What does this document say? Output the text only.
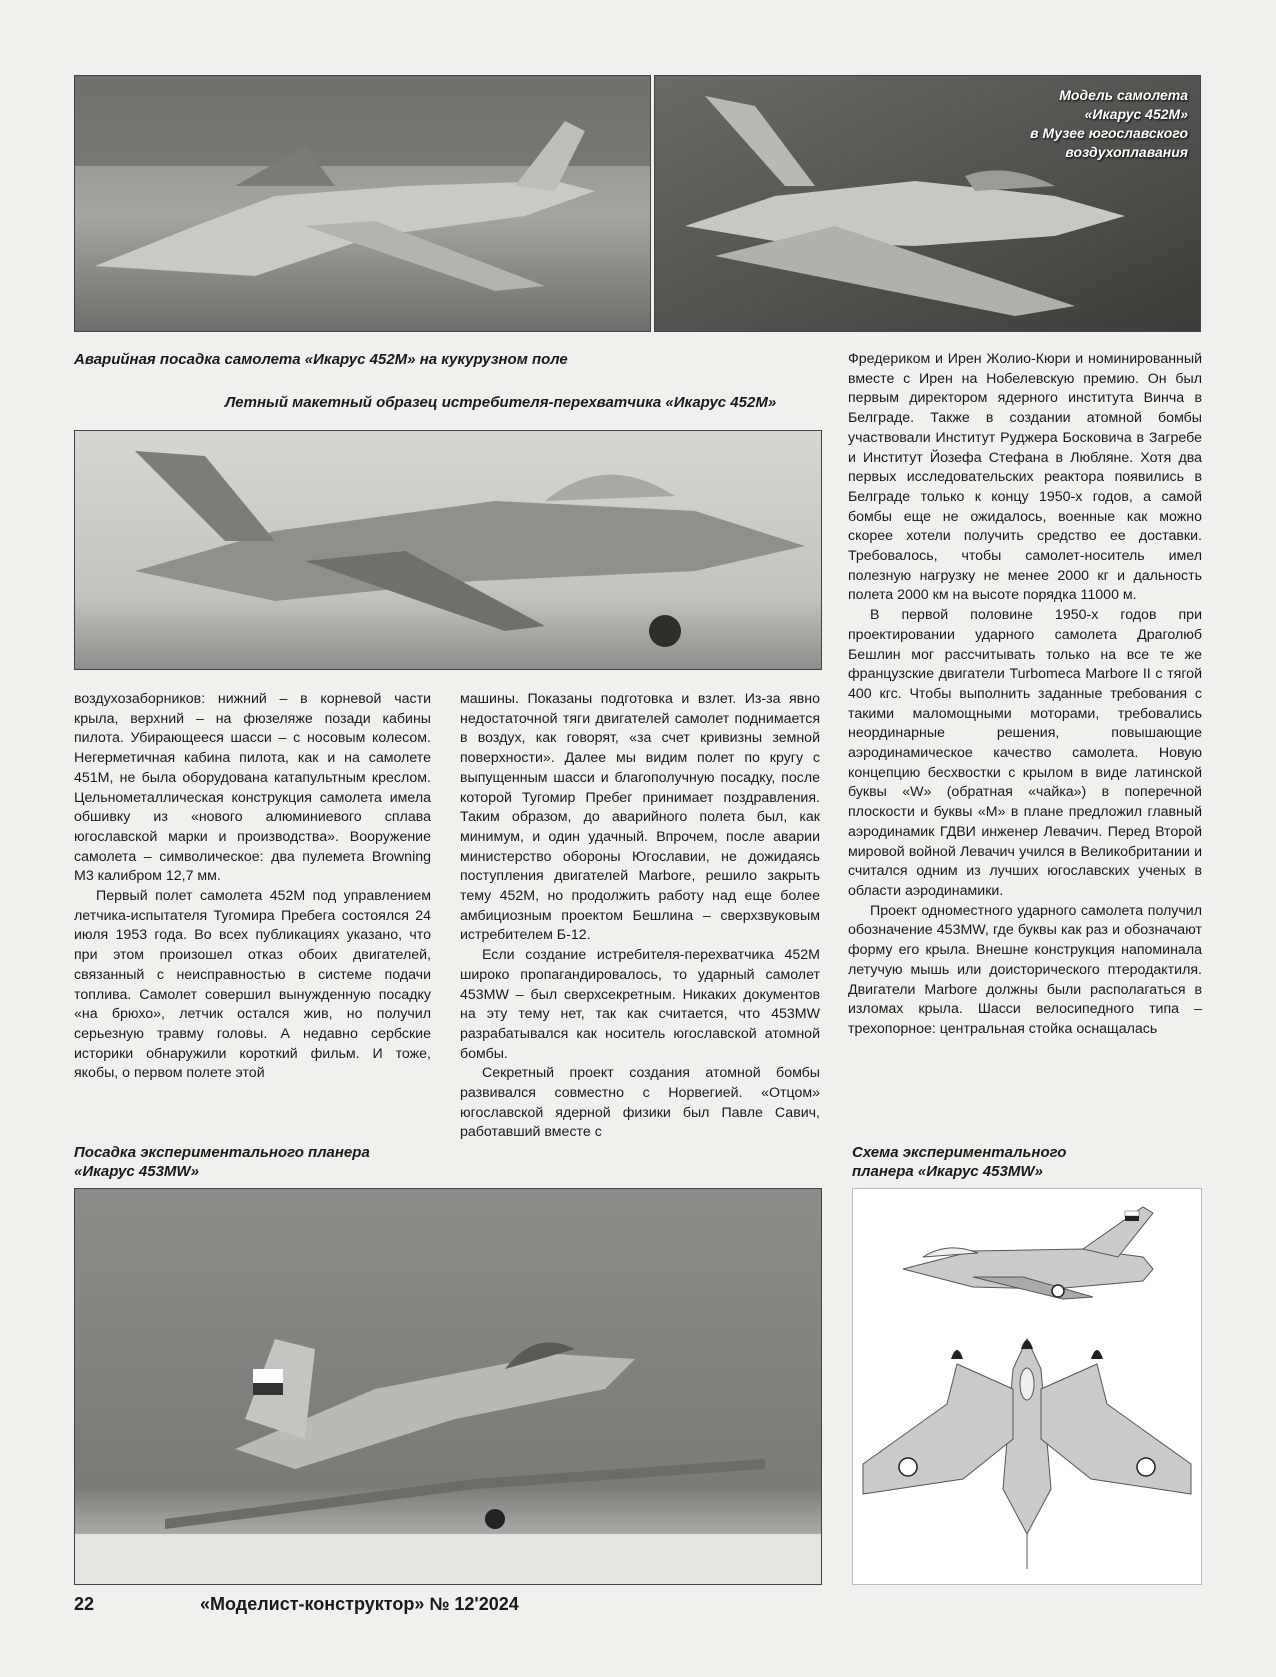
Модель самолета
«Икарус 452М»
в Музее югославского
воздухоплавания
Аварийная посадка самолета «Икарус 452М» на кукурузном поле
Летный макетный образец истребителя-перехватчика «Икарус 452М»

воздухозаборников: нижний – в корневой части крыла, верхний – на фюзеляже позади кабины пилота. Убирающееся шасси – с носовым колесом. Негерметичная кабина пилота, как и на самолете 451М, не была оборудована катапультным креслом. Цельнометаллическая конструкция самолета имела обшивку из «нового алюминиевого сплава югославской марки и производства». Вооружение самолета – символическое: два пулемета Browning M3 калибром 12,7 мм.

Первый полет самолета 452М под управлением летчика-испытателя Тугомира Пребега состоялся 24 июля 1953 года. Во всех публикациях указано, что при этом произошел отказ обоих двигателей, связанный с неисправностью в системе подачи топлива. Самолет совершил вынужденную посадку «на брюхо», летчик остался жив, но получил серьезную травму головы. А недавно сербские историки обнаружили короткий фильм. И тоже, якобы, о первом полете этой

машины. Показаны подготовка и взлет. Из-за явно недостаточной тяги двигателей самолет поднимается в воздух, как говорят, «за счет кривизны земной поверхности». Далее мы видим полет по кругу с выпущенным шасси и благополучную посадку, после которой Тугомир Пребег принимает поздравления. Таким образом, до аварийного полета был, как минимум, и один удачный. Впрочем, после аварии министерство обороны Югославии, не дожидаясь поступления двигателей Marbore, решило закрыть тему 452М, но продолжить работу над еще более амбициозным проектом Бешлина – сверхзвуковым истребителем Б-12.

Если создание истребителя-перехватчика 452М широко пропагандировалось, то ударный самолет 453MW – был сверхсекретным. Никаких документов на эту тему нет, так как считается, что 453MW разрабатывался как носитель югославской атомной бомбы.

Секретный проект создания атомной бомбы развивался совместно с Норвегией. «Отцом» югославской ядерной физики был Павле Савич, работавший вместе с

Фредериком и Ирен Жолио-Кюри и номинированный вместе с Ирен на Нобелевскую премию. Он был первым директором ядерного института Винча в Белграде. Также в создании атомной бомбы участвовали Институт Руджера Босковича в Загребе и Институт Йозефа Стефана в Любляне. Хотя два первых исследовательских реактора появились в Белграде только к концу 1950-х годов, а самой бомбы еще не ожидалось, военные как можно скорее хотели получить средство ее доставки. Требовалось, чтобы самолет-носитель имел полезную нагрузку не менее 2000 кг и дальность полета 2000 км на высоте порядка 11000 м.

В первой половине 1950-х годов при проектировании ударного самолета Драголюб Бешлин мог рассчитывать только на все те же французские двигатели Turbomeca Marbore II с тягой 400 кгс. Чтобы выполнить заданные требования с такими маломощными моторами, требовались неординарные решения, повышающие аэродинамическое качество самолета. Новую концепцию бесхвостки с крылом в виде латинской буквы «W» (обратная «чайка») в поперечной плоскости и буквы «М» в плане предложил главный аэродинамик ГДВИ инженер Левачич. Перед Второй мировой войной Левачич учился в Великобритании и считался одним из лучших югославских ученых в области аэродинамики.

Проект одноместного ударного самолета получил обозначение 453MW, где буквы как раз и обозначают форму его крыла. Внешне конструкция напоминала летучую мышь или доисторического птеродактиля. Двигатели Marbore должны были располагаться в изломах крыла. Шасси велосипедного типа – трехопорное: центральная стойка оснащалась

Посадка экспериментального планера
«Икарус 453MW»
Схема экспериментального
планера «Икарус 453MW»
22	«Моделист-конструктор» № 12'2024
